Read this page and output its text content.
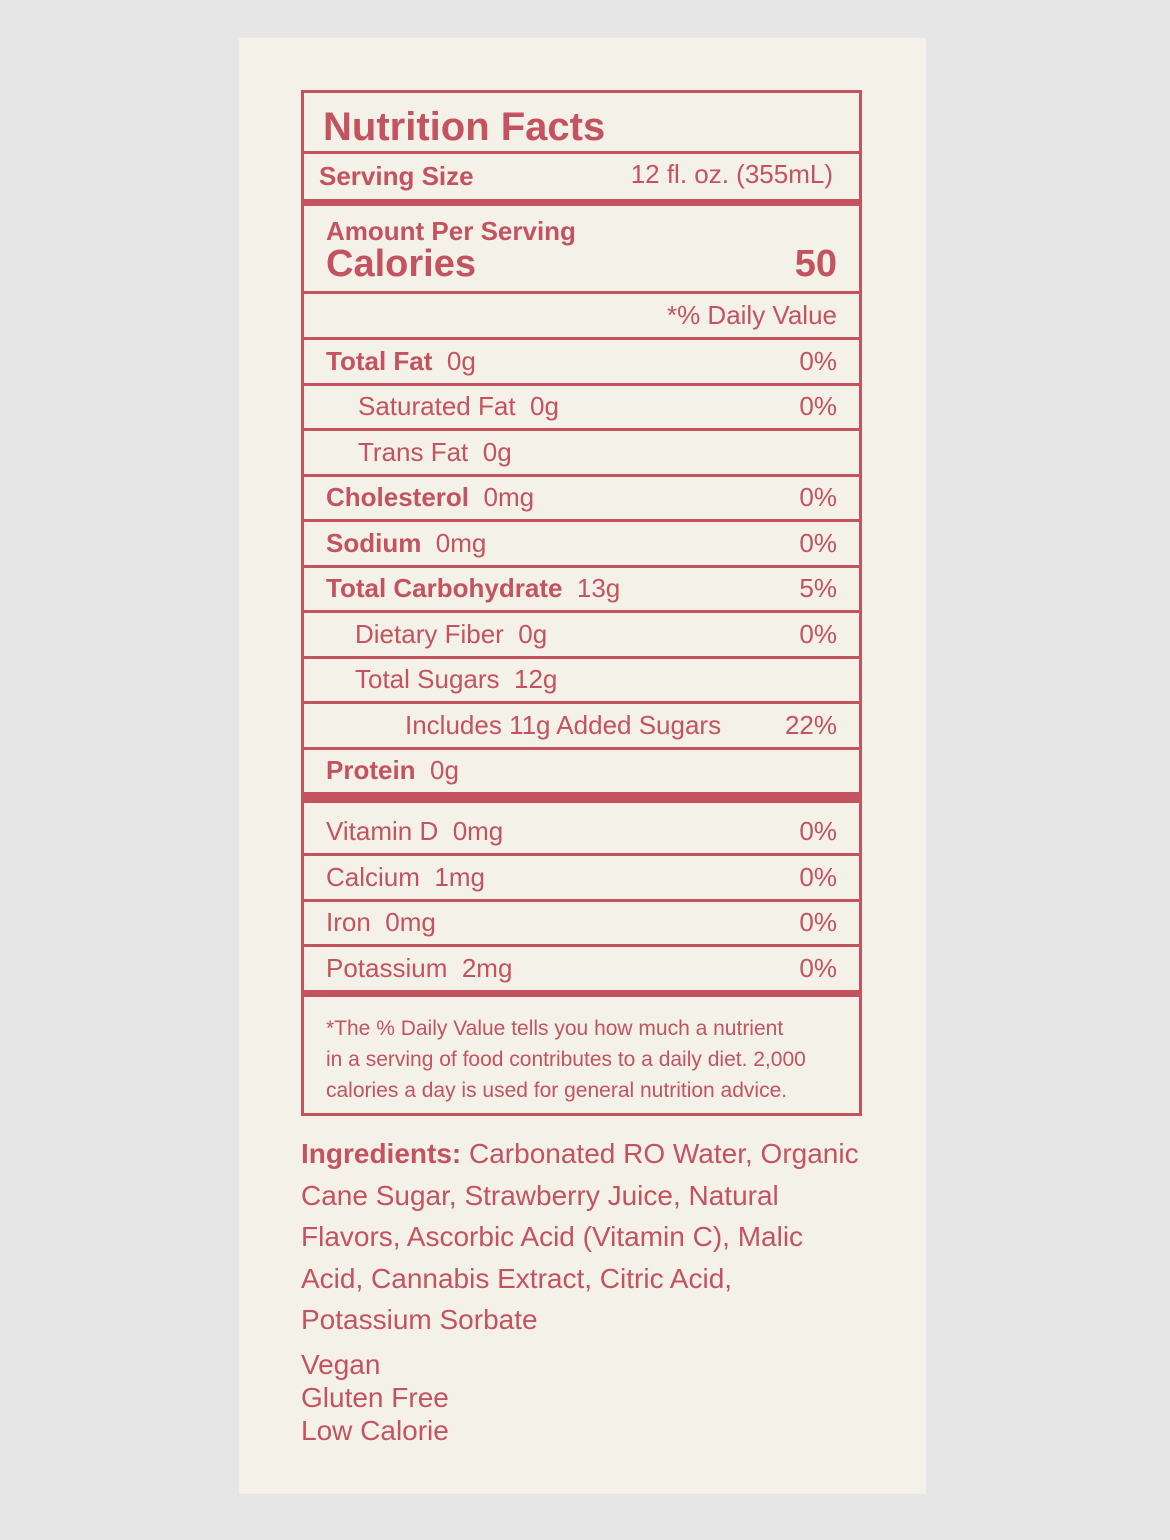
Nutrition Facts
Serving Size	12 fl. oz. (355mL)
Amount Per Serving
Calories	50
*% Daily Value
Total Fat 0g	0%
Saturated Fat 0g	0%
Trans Fat 0g
Cholesterol 0mg	0%
Sodium 0mg	0%
Total Carbohydrate 13g	5%
Dietary Fiber 0g	0%
Total Sugars 12g
Includes 11g Added Sugars 22%
Protein 0g
Vitamin D 0mg	0%
Calcium 1mg	0%
Iron 0mg	0%
Potassium 2mg	0%
*The % Daily Value tells you how much a nutrient
in a serving of food contributes to a daily diet. 2,000
calories a day is used for general nutrition advice.
Ingredients: Carbonated RO Water, Organic Cane Sugar, Strawberry Juice, Natural Flavors, Ascorbic Acid (Vitamin C), Malic Acid, Cannabis Extract, Citric Acid, Potassium Sorbate
Vegan
Gluten Free
Low Calorie
